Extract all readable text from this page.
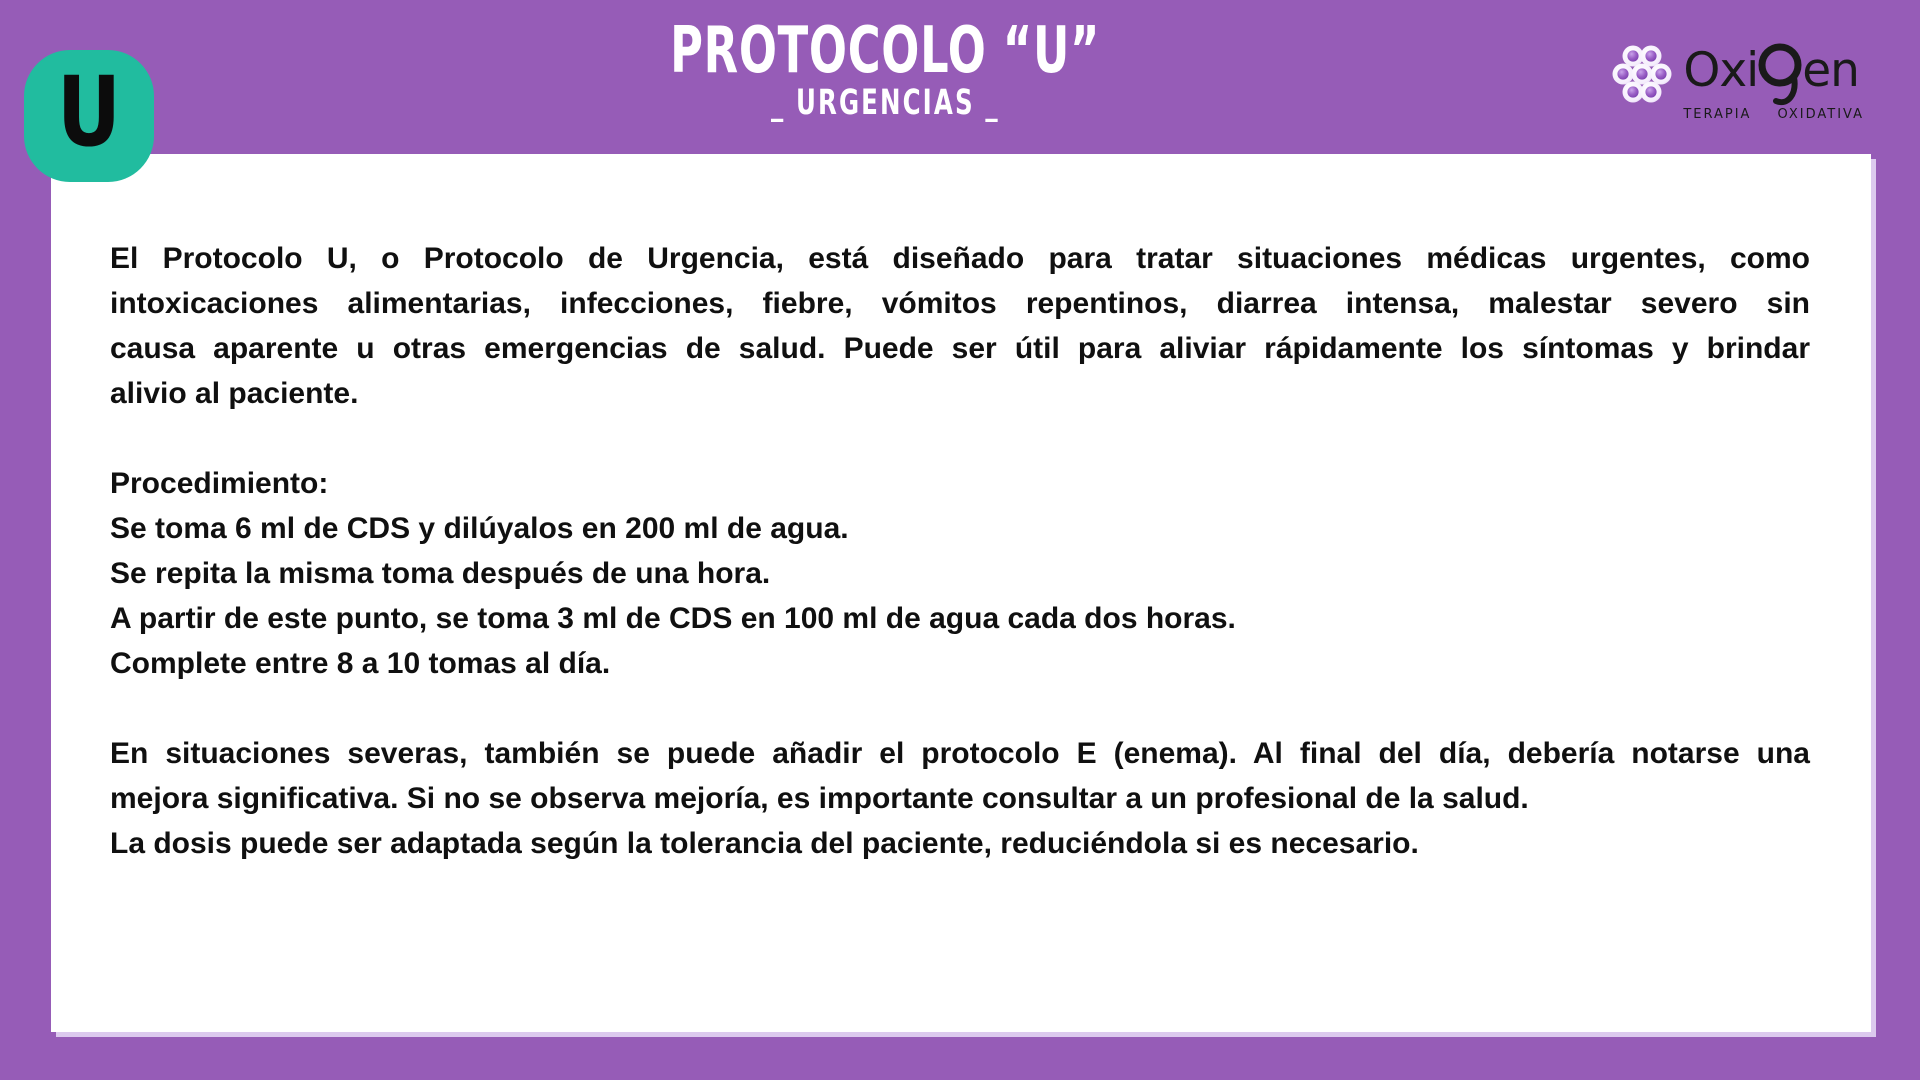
U
PROTOCOLO “U”
_ URGENCIAS _
Oxi en
TERAPIA OXIDATIVA
El Protocolo U, o Protocolo de Urgencia, está diseñado para tratar situaciones médicas urgentes, como
intoxicaciones alimentarias, infecciones, fiebre, vómitos repentinos, diarrea intensa, malestar severo sin
causa aparente u otras emergencias de salud. Puede ser útil para aliviar rápidamente los síntomas y brindar
alivio al paciente.
Procedimiento:
Se toma 6 ml de CDS y dilúyalos en 200 ml de agua.
Se repita la misma toma después de una hora.
A partir de este punto, se toma 3 ml de CDS en 100 ml de agua cada dos horas.
Complete entre 8 a 10 tomas al día.
En situaciones severas, también se puede añadir el protocolo E (enema). Al final del día, debería notarse una
mejora significativa. Si no se observa mejoría, es importante consultar a un profesional de la salud.
La dosis puede ser adaptada según la tolerancia del paciente, reduciéndola si es necesario.
